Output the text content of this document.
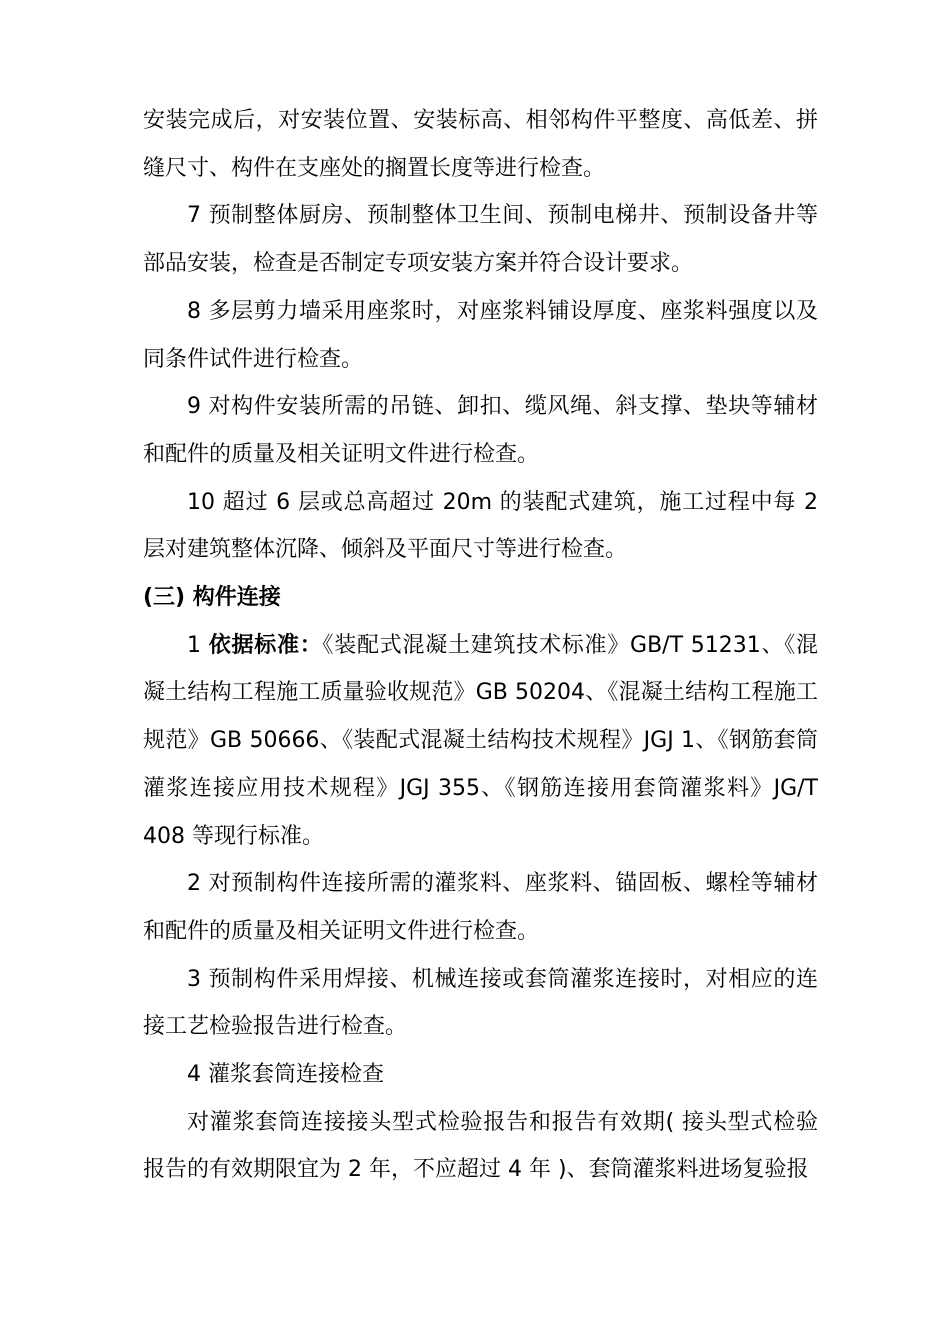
安装完成后，对安装位置、安装标高、相邻构件平整度、高低差、拼缝尺寸、构件在支座处的搁置长度等进行检查。

7 预制整体厨房、预制整体卫生间、预制电梯井、预制设备井等部品安装，检查是否制定专项安装方案并符合设计要求。

8 多层剪力墙采用座浆时，对座浆料铺设厚度、座浆料强度以及同条件试件进行检查。

9 对构件安装所需的吊链、卸扣、缆风绳、斜支撑、垫块等辅材和配件的质量及相关证明文件进行检查。

10 超过 6 层或总高超过 20m 的装配式建筑，施工过程中每 2 层对建筑整体沉降、倾斜及平面尺寸等进行检查。

(三) 构件连接

1 依据标准：《装配式混凝土建筑技术标准》GB/T 51231、《混凝土结构工程施工质量验收规范》GB 50204、《混凝土结构工程施工规范》GB 50666、《装配式混凝土结构技术规程》JGJ 1、《钢筋套筒灌浆连接应用技术规程》JGJ 355、《钢筋连接用套筒灌浆料》JG/T 408 等现行标准。

2 对预制构件连接所需的灌浆料、座浆料、锚固板、螺栓等辅材和配件的质量及相关证明文件进行检查。

3 预制构件采用焊接、机械连接或套筒灌浆连接时，对相应的连接工艺检验报告进行检查。

4 灌浆套筒连接检查

对灌浆套筒连接接头型式检验报告和报告有效期( 接头型式检验报告的有效期限宜为 2 年，不应超过 4 年 )、套筒灌浆料进场复验报
